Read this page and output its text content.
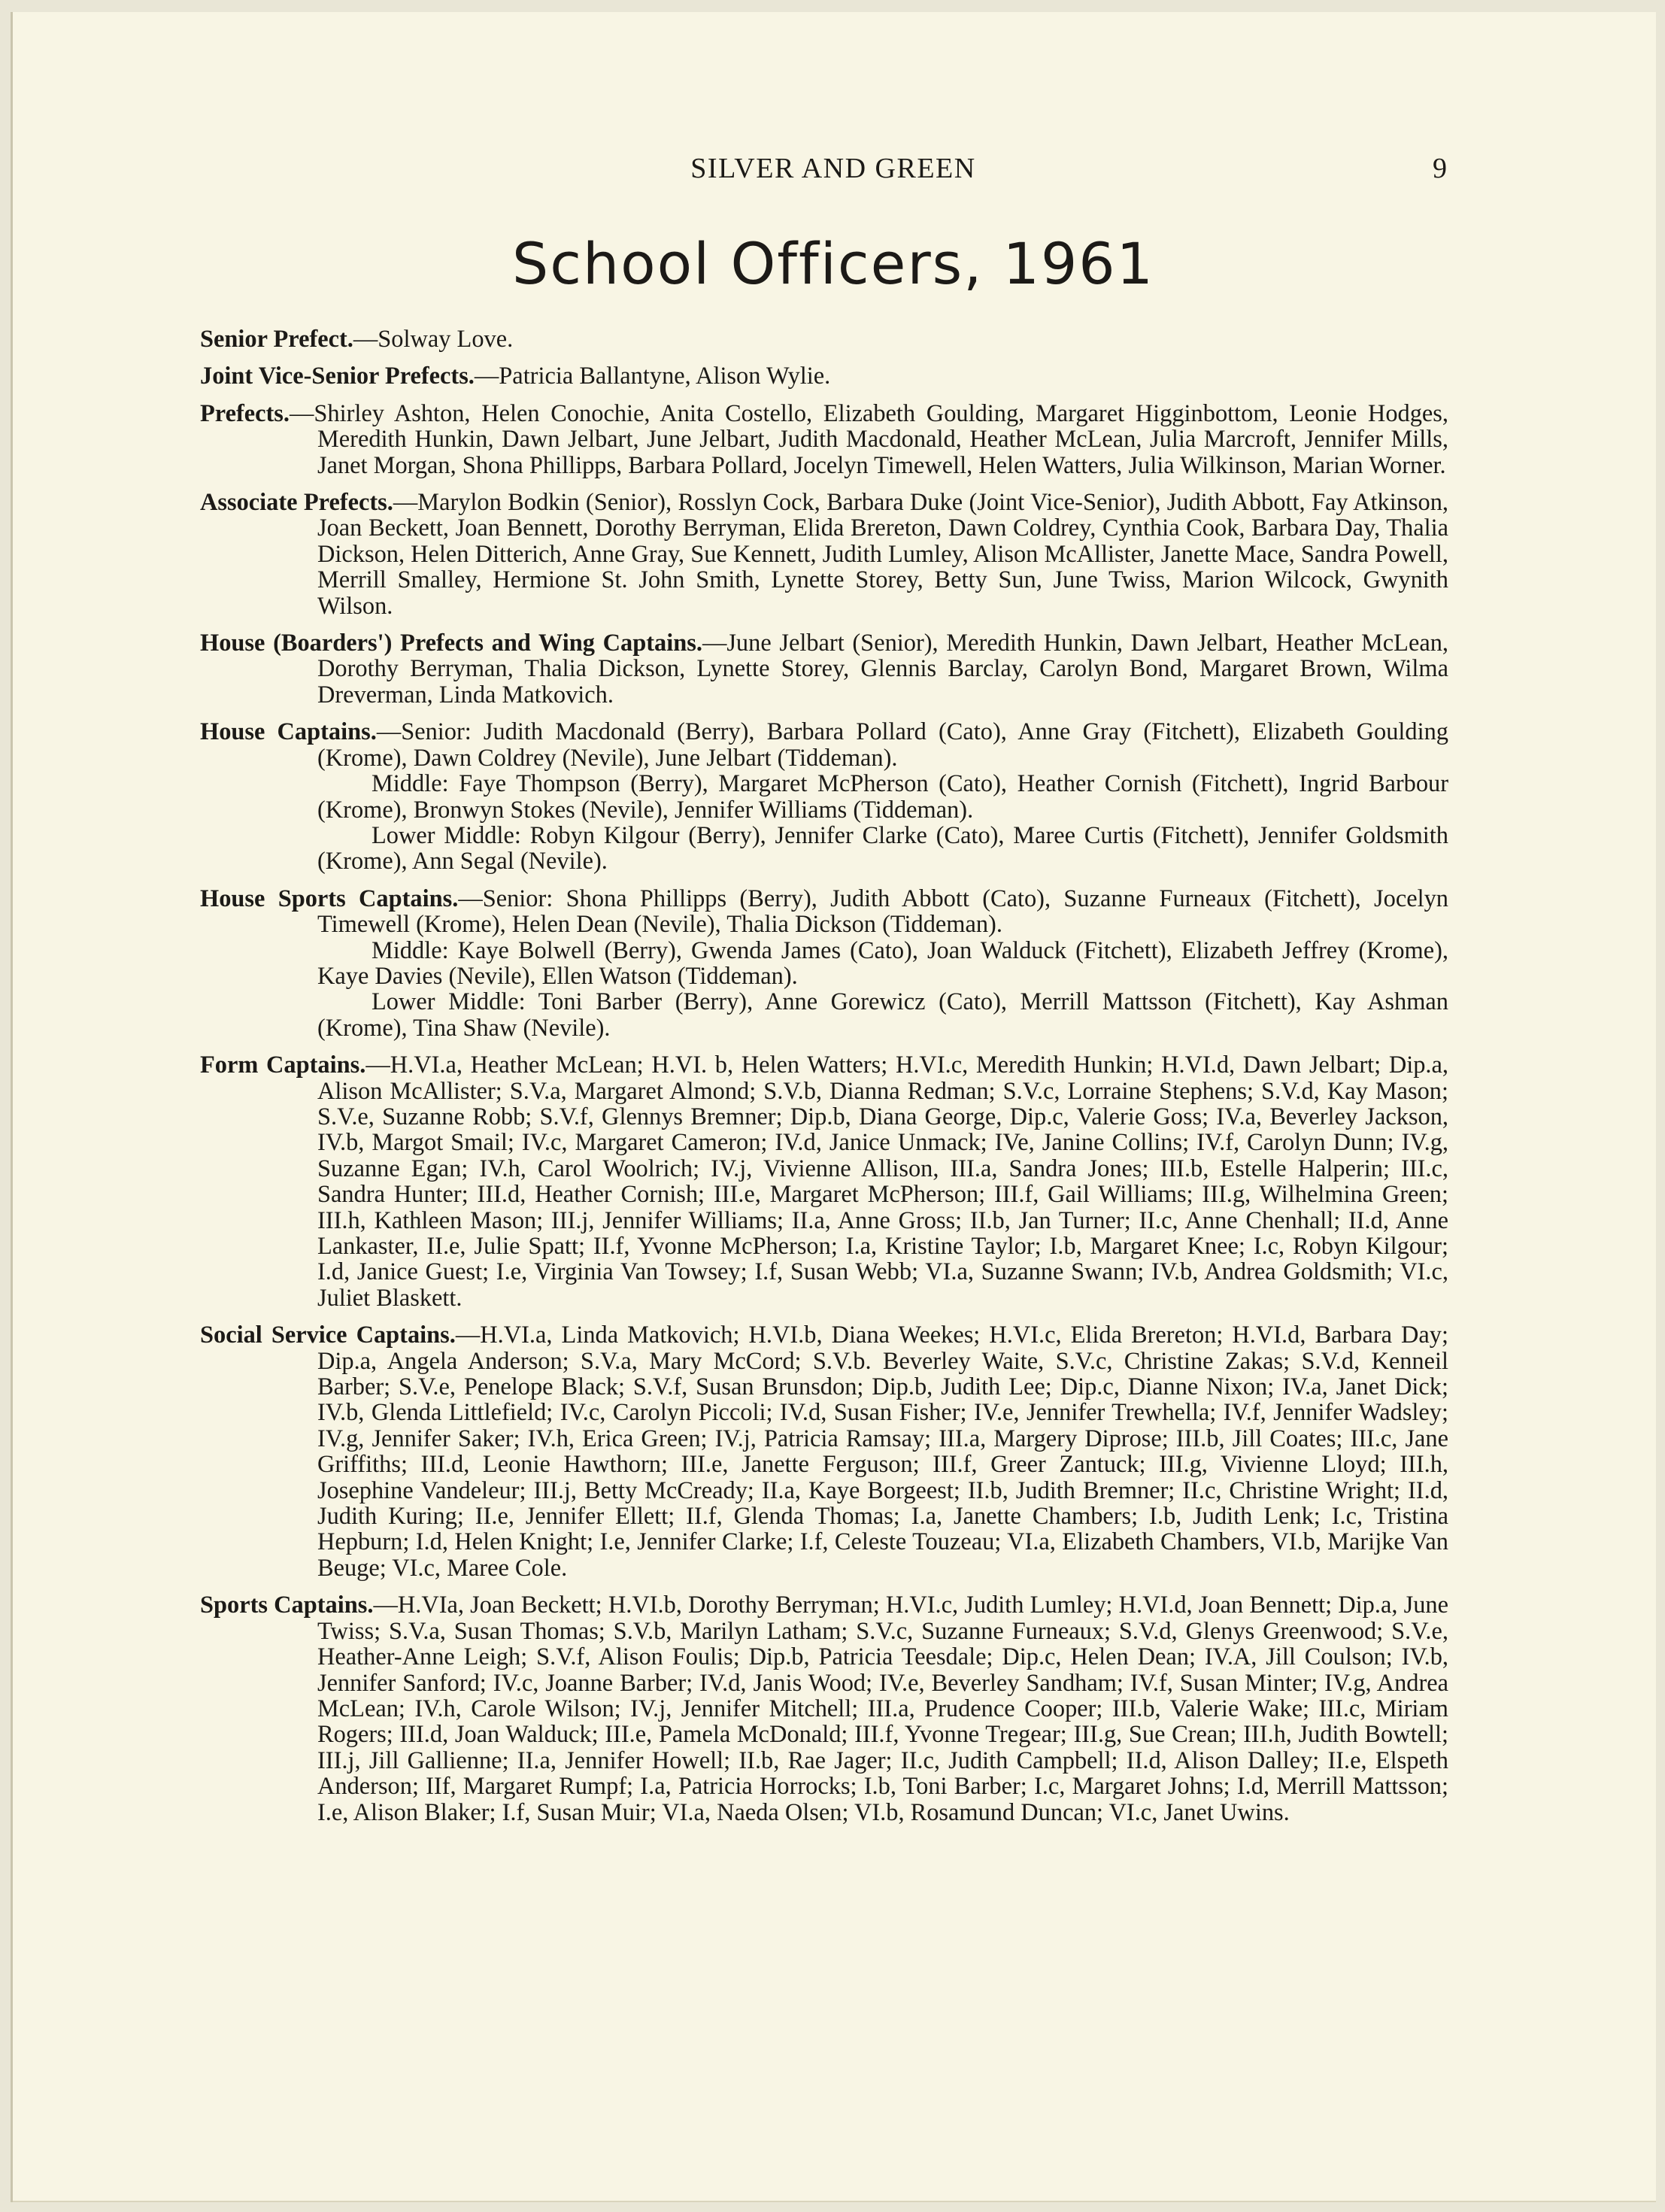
SILVER AND GREEN	9
School Officers, 1961

Senior Prefect.—Solway Love.

Joint Vice-Senior Prefects.—Patricia Ballantyne, Alison Wylie.

Prefects.—Shirley Ashton, Helen Conochie, Anita Costello, Elizabeth Goulding, Margaret Higginbottom, Leonie Hodges, Meredith Hunkin, Dawn Jelbart, June Jelbart, Judith Macdonald, Heather McLean, Julia Marcroft, Jennifer Mills, Janet Morgan, Shona Phillipps, Barbara Pollard, Jocelyn Timewell, Helen Watters, Julia Wilkinson, Marian Worner.

Associate Prefects.—Marylon Bodkin (Senior), Rosslyn Cock, Barbara Duke (Joint Vice-Senior), Judith Abbott, Fay Atkinson, Joan Beckett, Joan Bennett, Dorothy Berryman, Elida Brereton, Dawn Coldrey, Cynthia Cook, Barbara Day, Thalia Dickson, Helen Ditterich, Anne Gray, Sue Kennett, Judith Lumley, Alison McAllister, Janette Mace, Sandra Powell, Merrill Smalley, Hermione St. John Smith, Lynette Storey, Betty Sun, June Twiss, Marion Wilcock, Gwynith Wilson.

House (Boarders') Prefects and Wing Captains.—June Jelbart (Senior), Meredith Hunkin, Dawn Jelbart, Heather McLean, Dorothy Berryman, Thalia Dickson, Lynette Storey, Glennis Barclay, Carolyn Bond, Margaret Brown, Wilma Dreverman, Linda Matkovich.

House Captains.—Senior: Judith Macdonald (Berry), Barbara Pollard (Cato), Anne Gray (Fitchett), Elizabeth Goulding (Krome), Dawn Coldrey (Nevile), June Jelbart (Tiddeman).
Middle: Faye Thompson (Berry), Margaret McPherson (Cato), Heather Cornish (Fitchett), Ingrid Barbour (Krome), Bronwyn Stokes (Nevile), Jennifer Williams (Tiddeman).
Lower Middle: Robyn Kilgour (Berry), Jennifer Clarke (Cato), Maree Curtis (Fitchett), Jennifer Goldsmith (Krome), Ann Segal (Nevile).

House Sports Captains.—Senior: Shona Phillipps (Berry), Judith Abbott (Cato), Suzanne Furneaux (Fitchett), Jocelyn Timewell (Krome), Helen Dean (Nevile), Thalia Dickson (Tiddeman).
Middle: Kaye Bolwell (Berry), Gwenda James (Cato), Joan Walduck (Fitchett), Elizabeth Jeffrey (Krome), Kaye Davies (Nevile), Ellen Watson (Tiddeman).
Lower Middle: Toni Barber (Berry), Anne Gorewicz (Cato), Merrill Mattsson (Fitchett), Kay Ashman (Krome), Tina Shaw (Nevile).

Form Captains.—H.VI.a, Heather McLean; H.VI. b, Helen Watters; H.VI.c, Meredith Hunkin; H.VI.d, Dawn Jelbart; Dip.a, Alison McAllister; S.V.a, Margaret Almond; S.V.b, Dianna Redman; S.V.c, Lorraine Stephens; S.V.d, Kay Mason; S.V.e, Suzanne Robb; S.V.f, Glennys Bremner; Dip.b, Diana George, Dip.c, Valerie Goss; IV.a, Beverley Jackson, IV.b, Margot Smail; IV.c, Margaret Cameron; IV.d, Janice Unmack; IVe, Janine Collins; IV.f, Carolyn Dunn; IV.g, Suzanne Egan; IV.h, Carol Woolrich; IV.j, Vivienne Allison, III.a, Sandra Jones; III.b, Estelle Halperin; III.c, Sandra Hunter; III.d, Heather Cornish; III.e, Margaret McPherson; III.f, Gail Williams; III.g, Wilhelmina Green; III.h, Kathleen Mason; III.j, Jennifer Williams; II.a, Anne Gross; II.b, Jan Turner; II.c, Anne Chenhall; II.d, Anne Lankaster, II.e, Julie Spatt; II.f, Yvonne McPherson; I.a, Kristine Taylor; I.b, Margaret Knee; I.c, Robyn Kilgour; I.d, Janice Guest; I.e, Virginia Van Towsey; I.f, Susan Webb; VI.a, Suzanne Swann; IV.b, Andrea Goldsmith; VI.c, Juliet Blaskett.

Social Service Captains.—H.VI.a, Linda Matkovich; H.VI.b, Diana Weekes; H.VI.c, Elida Brereton; H.VI.d, Barbara Day; Dip.a, Angela Anderson; S.V.a, Mary McCord; S.V.b. Beverley Waite, S.V.c, Christine Zakas; S.V.d, Kenneil Barber; S.V.e, Penelope Black; S.V.f, Susan Brunsdon; Dip.b, Judith Lee; Dip.c, Dianne Nixon; IV.a, Janet Dick; IV.b, Glenda Littlefield; IV.c, Carolyn Piccoli; IV.d, Susan Fisher; IV.e, Jennifer Trewhella; IV.f, Jennifer Wadsley; IV.g, Jennifer Saker; IV.h, Erica Green; IV.j, Patricia Ramsay; III.a, Margery Diprose; III.b, Jill Coates; III.c, Jane Griffiths; III.d, Leonie Hawthorn; III.e, Janette Ferguson; III.f, Greer Zantuck; III.g, Vivienne Lloyd; III.h, Josephine Vandeleur; III.j, Betty McCready; II.a, Kaye Borgeest; II.b, Judith Bremner; II.c, Christine Wright; II.d, Judith Kuring; II.e, Jennifer Ellett; II.f, Glenda Thomas; I.a, Janette Chambers; I.b, Judith Lenk; I.c, Tristina Hepburn; I.d, Helen Knight; I.e, Jennifer Clarke; I.f, Celeste Touzeau; VI.a, Elizabeth Chambers, VI.b, Marijke Van Beuge; VI.c, Maree Cole.

Sports Captains.—H.VIa, Joan Beckett; H.VI.b, Dorothy Berryman; H.VI.c, Judith Lumley; H.VI.d, Joan Bennett; Dip.a, June Twiss; S.V.a, Susan Thomas; S.V.b, Marilyn Latham; S.V.c, Suzanne Furneaux; S.V.d, Glenys Greenwood; S.V.e, Heather-Anne Leigh; S.V.f, Alison Foulis; Dip.b, Patricia Teesdale; Dip.c, Helen Dean; IV.A, Jill Coulson; IV.b, Jennifer Sanford; IV.c, Joanne Barber; IV.d, Janis Wood; IV.e, Beverley Sandham; IV.f, Susan Minter; IV.g, Andrea McLean; IV.h, Carole Wilson; IV.j, Jennifer Mitchell; III.a, Prudence Cooper; III.b, Valerie Wake; III.c, Miriam Rogers; III.d, Joan Walduck; III.e, Pamela McDonald; III.f, Yvonne Tregear; III.g, Sue Crean; III.h, Judith Bowtell; III.j, Jill Gallienne; II.a, Jennifer Howell; II.b, Rae Jager; II.c, Judith Campbell; II.d, Alison Dalley; II.e, Elspeth Anderson; IIf, Margaret Rumpf; I.a, Patricia Horrocks; I.b, Toni Barber; I.c, Margaret Johns; I.d, Merrill Mattsson; I.e, Alison Blaker; I.f, Susan Muir; VI.a, Naeda Olsen; VI.b, Rosamund Duncan; VI.c, Janet Uwins.
